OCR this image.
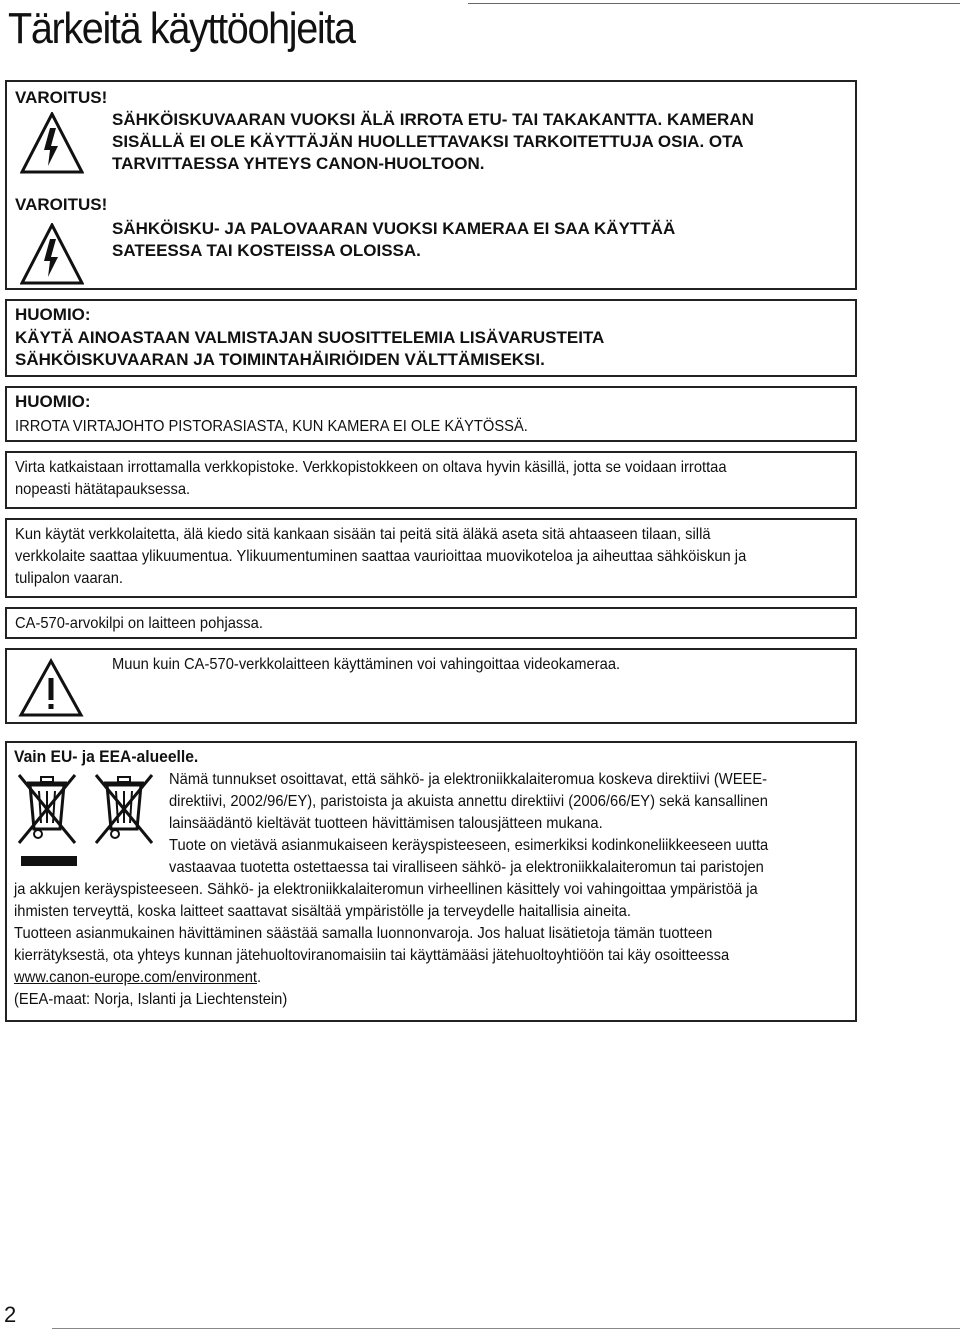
Tärkeitä käyttöohjeita
VAROITUS!
SÄHKÖISKUVAARAN VUOKSI ÄLÄ IRROTA ETU- TAI TAKAKANTTA. KAMERAN
SISÄLLÄ EI OLE KÄYTTÄJÄN HUOLLETTAVAKSI TARKOITETTUJA OSIA. OTA
TARVITTAESSA YHTEYS CANON-HUOLTOON.
VAROITUS!
SÄHKÖISKU- JA PALOVAARAN VUOKSI KAMERAA EI SAA KÄYTTÄÄ
SATEESSA TAI KOSTEISSA OLOISSA.
HUOMIO:
KÄYTÄ AINOASTAAN VALMISTAJAN SUOSITTELEMIA LISÄVARUSTEITA
SÄHKÖISKUVAARAN JA TOIMINTAHÄIRIÖIDEN VÄLTTÄMISEKSI.
HUOMIO:
IRROTA VIRTAJOHTO PISTORASIASTA, KUN KAMERA EI OLE KÄYTÖSSÄ.
Virta katkaistaan irrottamalla verkkopistoke. Verkkopistokkeen on oltava hyvin käsillä, jotta se voidaan irrottaa
nopeasti hätätapauksessa.
Kun käytät verkkolaitetta, älä kiedo sitä kankaan sisään tai peitä sitä äläkä aseta sitä ahtaaseen tilaan, sillä
verkkolaite saattaa ylikuumentua. Ylikuumentuminen saattaa vaurioittaa muovikoteloa ja aiheuttaa sähköiskun ja
tulipalon vaaran.
CA-570-arvokilpi on laitteen pohjassa.
Muun kuin CA-570-verkkolaitteen käyttäminen voi vahingoittaa videokameraa.
Vain EU- ja EEA-alueelle.
Nämä tunnukset osoittavat, että sähkö- ja elektroniikkalaiteromua koskeva direktiivi (WEEE-
direktiivi, 2002/96/EY), paristoista ja akuista annettu direktiivi (2006/66/EY) sekä kansallinen
lainsäädäntö kieltävät tuotteen hävittämisen talousjätteen mukana.
Tuote on vietävä asianmukaiseen keräyspisteeseen, esimerkiksi kodinkoneliikkeeseen uutta
vastaavaa tuotetta ostettaessa tai viralliseen sähkö- ja elektroniikkalaiteromun tai paristojen
ja akkujen keräyspisteeseen. Sähkö- ja elektroniikkalaiteromun virheellinen käsittely voi vahingoittaa ympäristöä ja
ihmisten terveyttä, koska laitteet saattavat sisältää ympäristölle ja terveydelle haitallisia aineita.
Tuotteen asianmukainen hävittäminen säästää samalla luonnonvaroja. Jos haluat lisätietoja tämän tuotteen
kierrätyksestä, ota yhteys kunnan jätehuoltoviranomaisiin tai käyttämääsi jätehuoltoyhtiöön tai käy osoitteessa
www.canon-europe.com/environment.
(EEA-maat: Norja, Islanti ja Liechtenstein)
2
